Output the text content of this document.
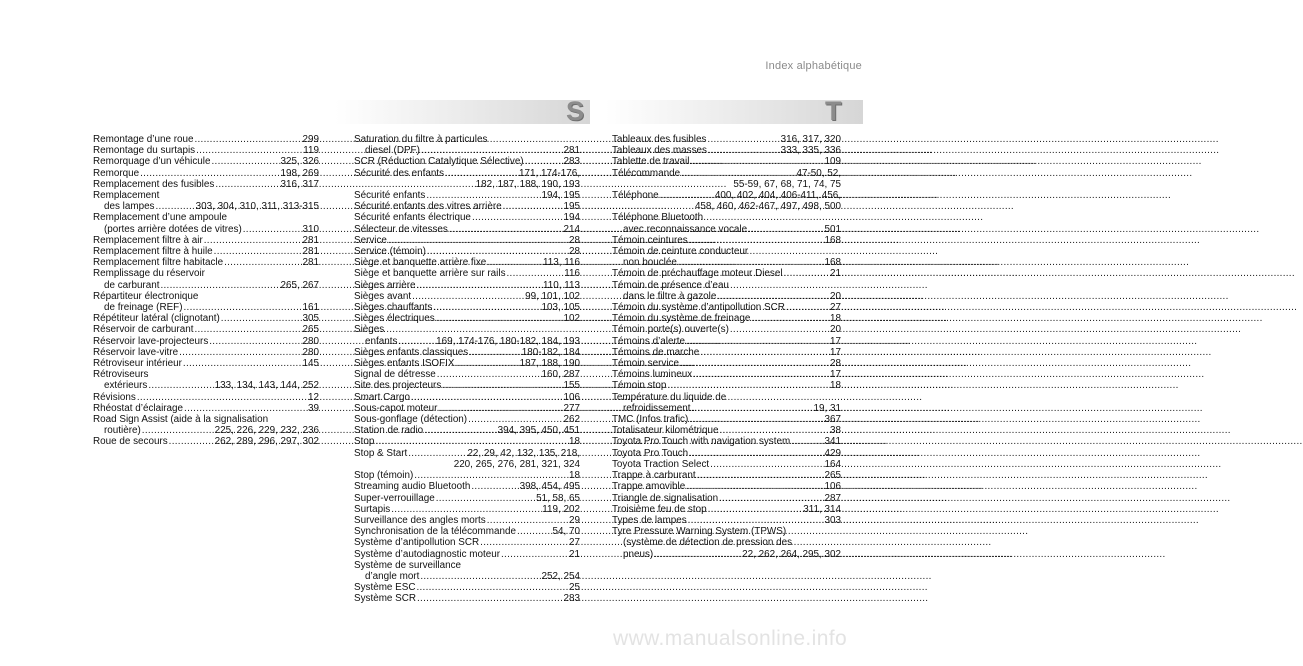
Index alphabétique
S	T
Remontage d’une roue .....	299
Remontage du surtapis .....	119
Remorquage d’un véhicule .....	325, 326
Remorque .....	198, 269
Remplacement des fusibles .....	316, 317
Remplacement
des lampes .....	303, 304, 310, 311, 313-315
Remplacement d’une ampoule
(portes arrière dotées de vitres) .....	310
Remplacement filtre à air .....	281
Remplacement filtre à huile .....	281
Remplacement filtre habitacle .....	281
Remplissage du réservoir
de carburant .....	265, 267
Répartiteur électronique
de freinage (REF) .....	161
Répétiteur latéral (clignotant) .....	305
Réservoir de carburant .....	265
Réservoir lave-projecteurs .....	280
Réservoir lave-vitre .....	280
Rétroviseur intérieur .....	145
Rétroviseurs
extérieurs .....	133, 134, 143, 144, 252
Révisions .....	12
Rhéostat d’éclairage .....	39
Road Sign Assist (aide à la signalisation
routière) .....	225, 226, 229, 232, 236
Roue de secours .....	262, 289, 296, 297, 302
Saturation du filtre à particules
diesel (DPF) .....	281
SCR (Réduction Catalytique Sélective) .....	283
Sécurité des enfants .....	171, 174-176,
182, 187, 188, 190, 193
Sécurité enfants .....	194, 195
Sécurité enfants des vitres arrière .....	195
Sécurité enfants électrique .....	194
Sélecteur de vitesses .....	214
Service .....	28
Service (témoin) .....	28
Siège et banquette arrière fixe .....	113, 116
Siège et banquette arrière sur rails .....	116
Sièges arrière .....	110, 113
Sièges avant .....	99, 101, 102
Sièges chauffants .....	103, 105
Sièges électriques .....	102
Sièges
enfants .....	169, 174-176, 180-182, 184, 193
Sièges enfants classiques .....	180-182, 184
Sièges enfants ISOFIX .....	187, 188, 190
Signal de détresse .....	160, 287
Site des projecteurs .....	155
Smart Cargo .....	106
Sous-capot moteur .....	277
Sous-gonflage (détection) .....	262
Station de radio .....	394, 395, 450, 451
Stop .....	18
Stop & Start .....	22, 29, 42, 132, 135, 218,
220, 265, 276, 281, 321, 324
Stop (témoin) .....	18
Streaming audio Bluetooth .....	398, 454, 495
Super-verrouillage .....	51, 58, 65
Surtapis .....	119, 202
Surveillance des angles morts .....	29
Synchronisation de la télécommande .....	54, 70
Système d’antipollution SCR .....	27
Système d’autodiagnostic moteur .....	21
Système de surveillance
d’angle mort .....	252, 254
Système ESC .....	25
Système SCR .....	283
Tableaux des fusibles .....	316, 317, 320
Tableaux des masses .....	333, 335, 336
Tablette de travail .....	109
Télécommande .....	47-50, 52,
55-59, 67, 68, 71, 74, 75
Téléphone .....	400, 402, 404, 406-411, 456,
458, 460, 462-467, 497, 498, 500
Téléphone Bluetooth
avec reconnaissance vocale .....	501
Témoin ceintures .....	168
Témoin de ceinture conducteur
non bouclée .....	168
Témoin de préchauffage moteur Diesel .....	21
Témoin de présence d’eau
dans le filtre à gazole .....	20
Témoin du système d’antipollution SCR .....	27
Témoin du système de freinage .....	18
Témoin porte(s) ouverte(s) .....	20
Témoins d’alerte .....	17
Témoins de marche .....	17
Témoin service .....	28
Témoins lumineux .....	17
Témoin stop .....	18
Température du liquide de
refroidissement .....	19, 31
TMC (Infos trafic) .....	367
Totalisateur kilométrique .....	38
Toyota Pro Touch with navigation system .....	341
Toyota Pro Touch .....	429
Toyota Traction Select .....	164
Trappe à carburant .....	265
Trappe amovible .....	106
Triangle de signalisation .....	287
Troisième feu de stop .....	311, 314
Types de lampes .....	303
Tyre Pressure Warning System (TPWS)
(système de détection de pression des
pneus) .....	22, 262, 264, 295, 302
www.manualsonline.info
